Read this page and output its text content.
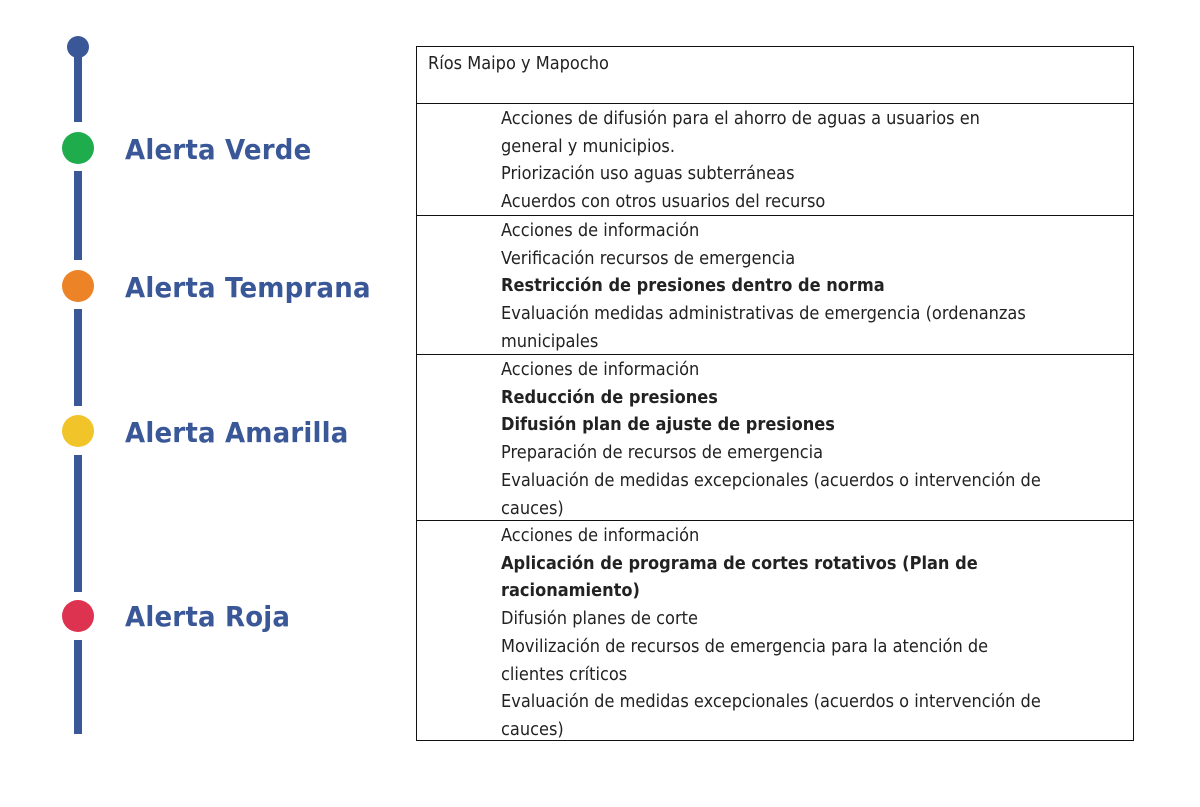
Alerta Verde
Alerta Temprana
Alerta Amarilla
Alerta Roja
Ríos Maipo y Mapocho
Acciones de difusión para el ahorro de aguas a usuarios en
general y municipios.
Priorización uso aguas subterráneas
Acuerdos con otros usuarios del recurso
Acciones de información
Verificación recursos de emergencia
Restricción de presiones dentro de norma
Evaluación medidas administrativas de emergencia (ordenanzas
municipales
Acciones de información
Reducción de presiones
Difusión plan de ajuste de presiones
Preparación de recursos de emergencia
Evaluación de medidas excepcionales (acuerdos o intervención de
cauces)
Acciones de información
Aplicación de programa de cortes rotativos (Plan de
racionamiento)
Difusión planes de corte
Movilización de recursos de emergencia para la atención de
clientes críticos
Evaluación de medidas excepcionales (acuerdos o intervención de
cauces)
